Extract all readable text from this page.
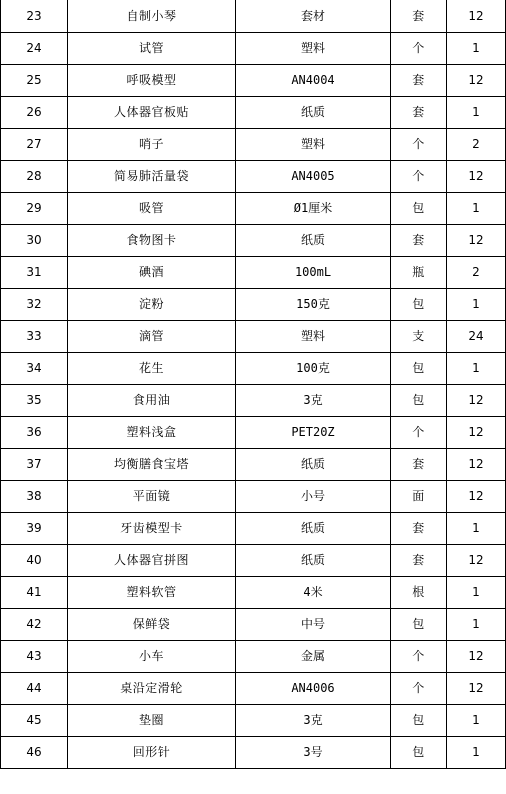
23	自制小琴	套材	套	12
24	试管	塑料	个	1
25	呼吸模型	AN4004	套	12
26	人体器官板贴	纸质	套	1
27	哨子	塑料	个	2
28	简易肺活量袋	AN4005	个	12
29	吸管	Ø1厘米	包	1
30	食物图卡	纸质	套	12
31	碘酒	100mL	瓶	2
32	淀粉	150克	包	1
33	滴管	塑料	支	24
34	花生	100克	包	1
35	食用油	3克	包	12
36	塑料浅盒	PET20Z	个	12
37	均衡膳食宝塔	纸质	套	12
38	平面镜	小号	面	12
39	牙齿模型卡	纸质	套	1
40	人体器官拼图	纸质	套	12
41	塑料软管	4米	根	1
42	保鲜袋	中号	包	1
43	小车	金属	个	12
44	桌沿定滑轮	AN4006	个	12
45	垫圈	3克	包	1
46	回形针	3号	包	1
